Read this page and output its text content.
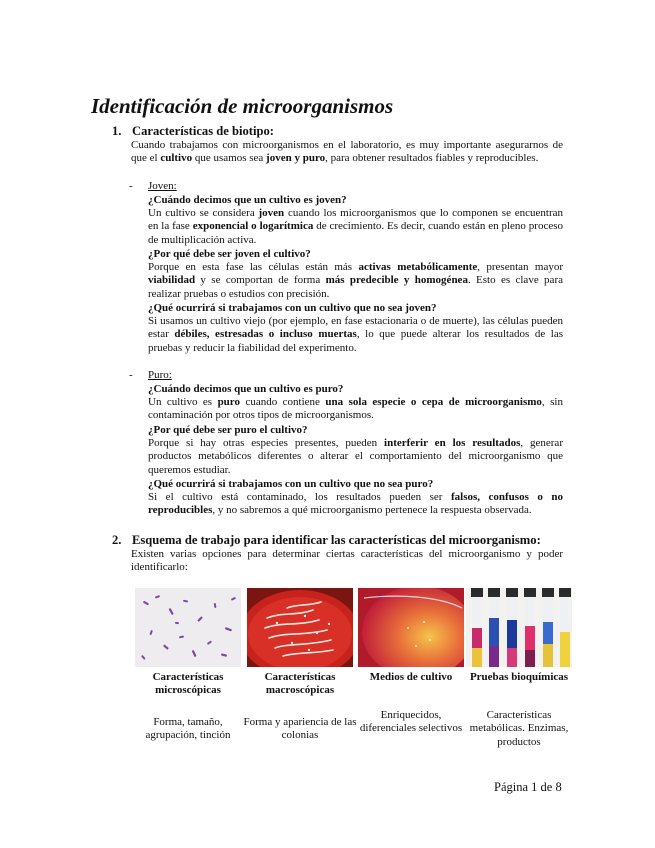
Identificación de microorganismos
1. Características de biotipo:
Cuando trabajamos con microorganismos en el laboratorio, es muy importante asegurarnos de que el cultivo que usamos sea joven y puro, para obtener resultados fiables y reproducibles.
- Joven:
¿Cuándo decimos que un cultivo es joven?
Un cultivo se considera joven cuando los microorganismos que lo componen se encuentran en la fase exponencial o logarítmica de crecimiento. Es decir, cuando están en pleno proceso de multiplicación activa.
¿Por qué debe ser joven el cultivo?
Porque en esta fase las células están más activas metabólicamente, presentan mayor viabilidad y se comportan de forma más predecible y homogénea. Esto es clave para realizar pruebas o estudios con precisión.
¿Qué ocurrirá si trabajamos con un cultivo que no sea joven?
Si usamos un cultivo viejo (por ejemplo, en fase estacionaria o de muerte), las células pueden estar débiles, estresadas o incluso muertas, lo que puede alterar los resultados de las pruebas y reducir la fiabilidad del experimento.
- Puro:
¿Cuándo decimos que un cultivo es puro?
Un cultivo es puro cuando contiene una sola especie o cepa de microorganismo, sin contaminación por otros tipos de microorganismos.
¿Por qué debe ser puro el cultivo?
Porque si hay otras especies presentes, pueden interferir en los resultados, generar productos metabólicos diferentes o alterar el comportamiento del microorganismo que queremos estudiar.
¿Qué ocurrirá si trabajamos con un cultivo que no sea puro?
Si el cultivo está contaminado, los resultados pueden ser falsos, confusos o no reproducibles, y no sabremos a qué microorganismo pertenece la respuesta observada.
2. Esquema de trabajo para identificar las características del microorganismo:
Existen varias opciones para determinar ciertas características del microorganismo y poder identificarlo:
Características microscópicas
Forma, tamaño, agrupación, tinción
Características macroscópicas
Forma y apariencia de las colonias
Medios de cultivo
Enriquecidos, diferenciales selectivos
Pruebas bioquímicas
Características metabólicas. Enzimas, productos
Página 1 de 8
